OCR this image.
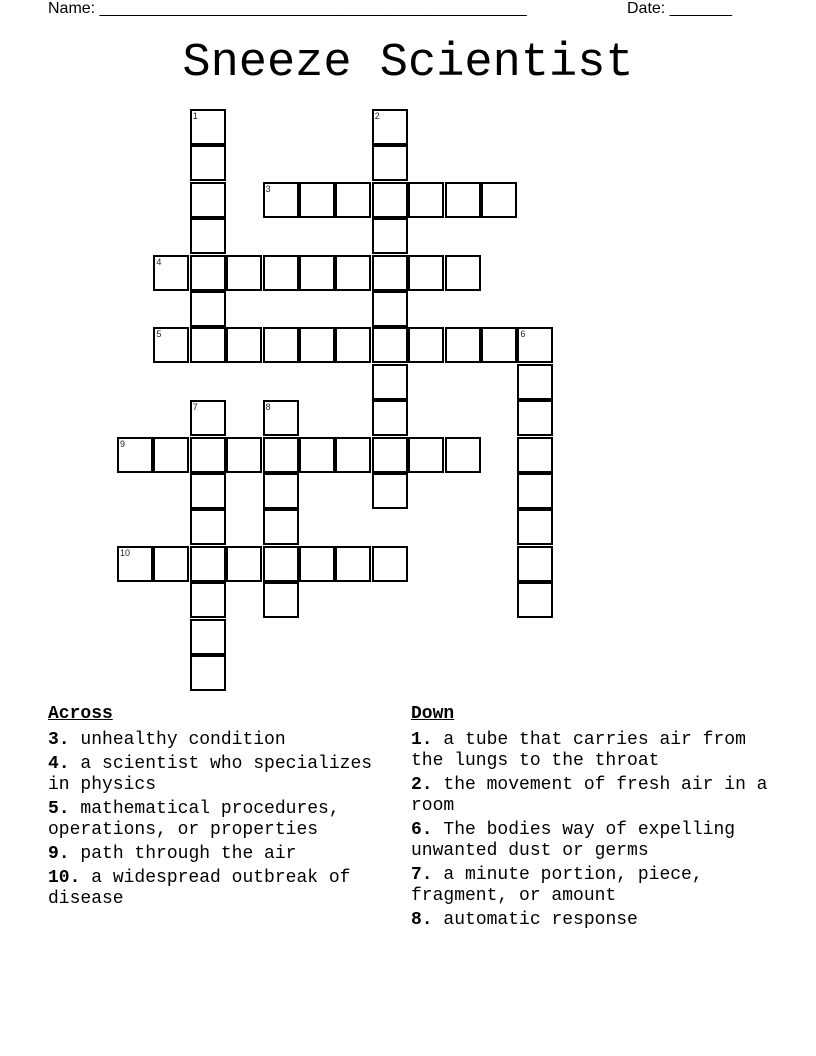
Name: ________________________________________________	Date: _______
Sneeze Scientist
1	2
3
4
5	6
7	8
9
10
Across
3. unhealthy condition
4. a scientist who specializes in physics
5. mathematical procedures, operations, or properties
9. path through the air
10. a widespread outbreak of disease
Down
1. a tube that carries air from the lungs to the throat
2. the movement of fresh air in a room
6. The bodies way of expelling unwanted dust or germs
7. a minute portion, piece, fragment, or amount
8. automatic response
